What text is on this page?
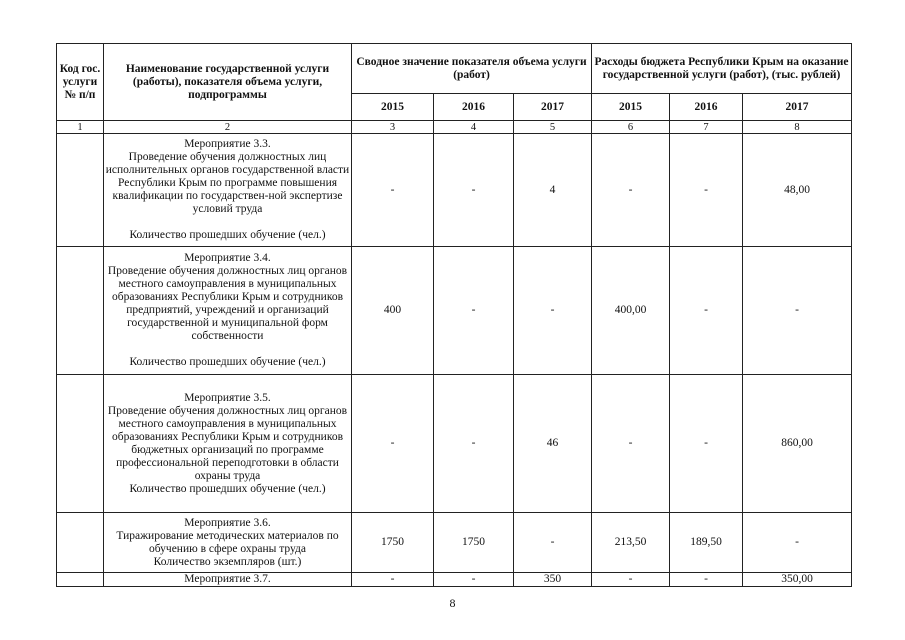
Код гос. услуги № п/п	Наименование государственной услуги (работы), показателя объема услуги, подпрограммы	Сводное значение показателя объема услуги (работ)			Расходы бюджета Республики Крым на оказание государственной услуги (работ), (тыс. рублей)		
		2015	2016	2017	2015	2016	2017
1	2	3	4	5	6	7	8

	Мероприятие 3.3.
Проведение обучения должностных лиц исполнительных органов государственной власти Республики Крым по программе повышения квалификации по государствен-ной экспертизе условий труда
Количество прошедших обучение (чел.)	-	-	4	-	-	48,00

	Мероприятие 3.4.
Проведение обучения должностных лиц органов местного самоуправления в муниципальных образованиях Республики Крым и сотрудников предприятий, учреждений и организаций государственной и муниципальной форм собственности
Количество прошедших обучение (чел.)	400	-	-	400,00	-	-

	Мероприятие 3.5.
Проведение обучения должностных лиц органов местного самоуправления в муниципальных образованиях Республики Крым и сотрудников бюджетных организаций по программе профессиональной переподготовки в области охраны труда
Количество прошедших обучение (чел.)	-	-	46	-	-	860,00

	Мероприятие 3.6.
Тиражирование методических материалов по обучению в сфере охраны труда
Количество экземпляров (шт.)	1750	1750	-	213,50	189,50	-

	Мероприятие 3.7.	-	-	350	-	-	350,00
8
